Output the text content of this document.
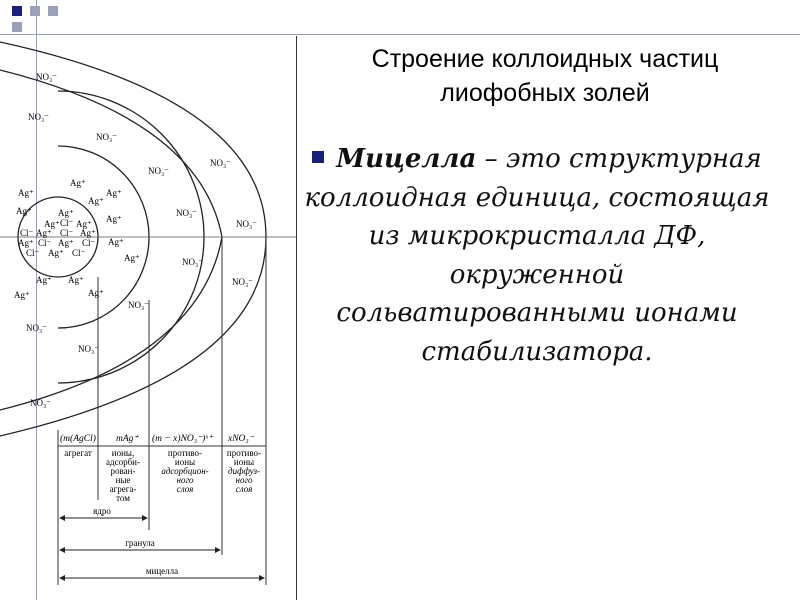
Ag⁺
Ag⁺ Cl⁻ Ag⁺
Cl⁻ Ag⁺ Cl⁻ Ag⁺
Ag⁺ Cl⁻ Ag⁺ Cl⁻
Cl⁻ Ag⁺ Cl⁻
Ag⁺
Ag⁺	Ag⁺
Ag⁺
Ag⁺
Ag⁺
Ag⁺
Ag⁺
Ag⁺ Ag⁺
Ag⁺	Ag⁺
NO₃⁻
NO₃⁻
NO₃⁻
NO₃⁻
NO₃⁻
NO₃⁻
NO₃⁻
NO₃⁻
NO₃⁻
NO₃⁻
NO₃⁻
NO₃⁻
NO₃⁻
(m(AgCl) mAg⁺ (m − x)NO₃⁻)ˣ⁺ xNO₃⁻
агрегат ионы,
адсорби-
рован-
ные
агрега-
том
противо-
ионы
адсорбцион-
ного
слоя
противо-
ионы
диффуз-
ного
слоя
ядро
гранула
мицелла
Строение коллоидных частиц
лиофобных золей
Мицелла – это структурная коллоидная единица, состоящая из микрокристалла ДФ, окруженной сольватированными ионами стабилизатора.
